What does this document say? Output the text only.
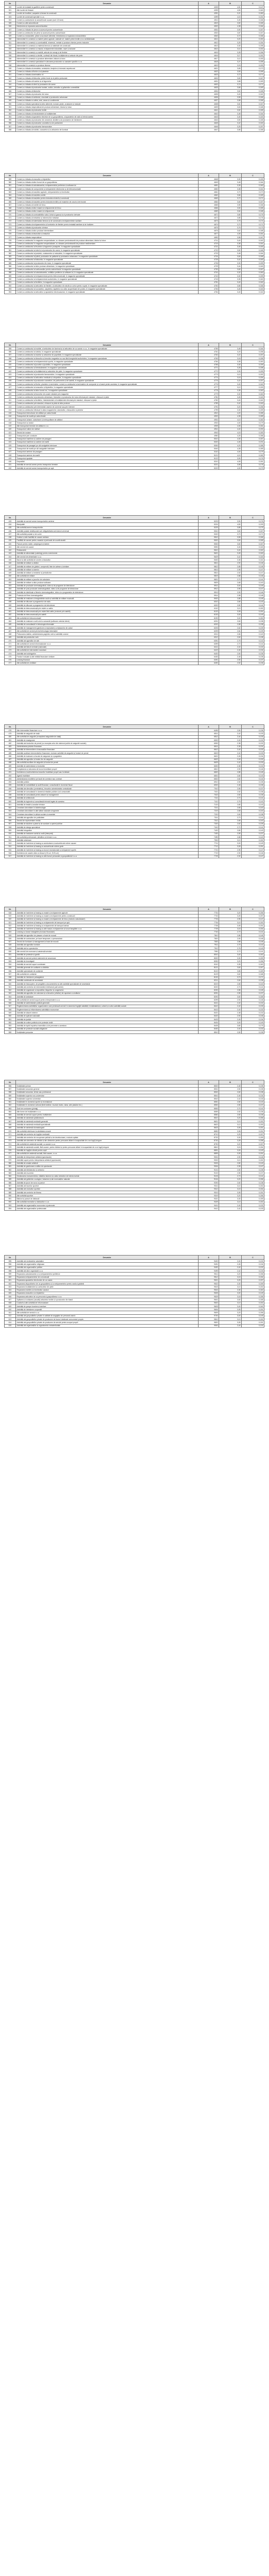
Nr.	Denumire	A	B	C
320	Lucrări de instalații și gazifiere pentru construcții	4325	4,51	0,147
321	Alte lucrări de finisare	4339	4,50	0,160
322	Lucrări de învelitori, șarpante și terase la construcții	4391	3,21	0,180
323	Lucrări de construcții speciale n.c.a.	4399	4,15	0,151
324	Comerț cu autoturisme și autovehicule ușoare (sub 3,5 tone)	4511	3,45	0,166
325	Comerț cu alte autovehicule	4519	3,50	0,165
326	Întreținerea și repararea autovehiculelor	4520	4,38	0,164
327	Comerț cu ridicata de piese și accesorii pentru autovehicule	4531	3,90	0,167
328	Comerț cu amănuntul de piese și accesorii pentru autovehicule	4532	3,87	0,167
329	Comerț cu motociclete, piese și accesorii aferente; întreținerea și repararea motocicletelor	4540	3,72	0,166
330	Intermedieri în comerțul cu materii prime agricole, animale vii, materii prime textile și cu semifabricate	4611	3,20	0,150
331	Intermedieri în comerțul cu combustibili, minereuri, metale și produse chimice pentru industrie	4612	3,25	0,154
332	Intermedieri în comerțul cu material lemnos și materiale de construcții	4613	3,30	0,155
333	Intermedieri în comerțul cu mașini, echipamente industriale, nave și avioane	4614	3,14	0,152
334	Intermedieri în comerțul cu mobilă, articole de menaj și de fierărie	4615	3,28	0,156
335	Intermedieri în comerțul cu textile, confecții din blană, încălțăminte și articole din piele	4616	3,17	0,152
336	Intermedieri în comerțul cu produse alimentare, băuturi și tutun	4617	3,12	0,153
337	Intermedieri în comerțul specializat în vânzarea produselor cu caracter specific n.c.a.	4618	3,27	0,155
338	Intermedieri în comerțul cu produse diverse	4619	3,15	0,153
339	Comerț cu ridicata al cerealelor, semințelor, furajelor și tutunului neprelucrat	4621	3,65	0,170
340	Comerț cu ridicata al florilor și al plantelor	4622	3,50	0,165
341	Comerț cu ridicata al animalelor vii	4623	3,72	0,171
342	Comerț cu ridicata al blănurilor, pieilor brute și al pieilor prelucrate	4624	3,60	0,167
343	Comerț cu ridicata al fructelor și al legumelor	4631	3,68	0,169
344	Comerț cu ridicata al cărnii și produselor din carne	4632	3,74	0,171
345	Comerț cu ridicata al produselor lactate, ouălor, uleiurilor și grăsimilor comestibile	4633	3,66	0,169
346	Comerț cu ridicata al băuturilor	4634	3,62	0,168
347	Comerț cu ridicata al produselor din tutun	4635	3,40	0,162
348	Comerț cu ridicata al zahărului, ciocolatei și produselor zaharoase	4636	3,55	0,166
349	Comerț cu ridicata cu cafea, ceai, cacao și condimente	4637	3,58	0,166
350	Comerț cu ridicata specializat al altor alimente, inclusiv pește, crustacee și moluște	4638	3,61	0,167
351	Comerț cu ridicata nespecializat de produse alimentare, băuturi și tutun	4639	3,63	0,168
352	Comerț cu ridicata al produselor textile	4641	3,52	0,165
353	Comerț cu ridicata al îmbrăcămintei și încălțămintei	4642	3,48	0,164
354	Comerț cu ridicata al aparatelor electrice de uz gospodăresc, al aparatelor de radio și televizoarelor	4643	3,45	0,163
355	Comerț cu ridicata al produselor din ceramică, sticlărie și al produselor de întreținere	4644	3,50	0,165
356	Comerț cu ridicata al produselor cosmetice și de parfumerie	4645	3,42	0,163
357	Comerț cu ridicata al produselor farmaceutice	4646	3,25	0,157
358	Comerț cu ridicata al mobilei, covoarelor și a articolelor de iluminat	4647	3,56	0,166
Nr.	Denumire	A	B	C
359	Comerț cu ridicata al ceasurilor și bijuteriilor	4648	3,30	0,159
360	Comerț cu ridicata al altor bunuri de uz gospodăresc	4649	3,48	0,164
361	Comerț cu ridicata al calculatoarelor, echipamentelor periferice și software-lui	4651	3,35	0,160
362	Comerț cu ridicata de componente și echipamente electronice și de telecomunicații	4652	3,38	0,161
363	Comerț cu ridicata al mașinilor agricole, echipamentelor și furniturilor	4661	3,70	0,170
364	Comerț cu ridicata al mașinilor-unelte	4662	3,66	0,169
365	Comerț cu ridicata al mașinilor pentru industria minieră și construcții	4663	3,72	0,171
366	Comerț cu ridicata al mașinilor pentru industria textilă și al mașinilor de cusut și de tricotat	4664	3,60	0,167
367	Comerț cu ridicata al mobilei de birou	4665	3,55	0,166
368	Comerț cu ridicata al altor mașini și echipamente de birou	4666	3,50	0,165
369	Comerț cu ridicata al altor mașini și echipamente	4669	3,64	0,168
370	Comerț cu ridicata al combustibililor solizi, lichizi și gazoși și al produselor derivate	4671	3,80	0,175
371	Comerț cu ridicata al metalelor și minereurilor metalice	4672	3,85	0,176
372	Comerț cu ridicata al materialului lemnos și de construcții și echipamentelor sanitare	4673	3,78	0,174
373	Comerț cu ridicata al echipamentelor și furniturilor de fierărie pentru instalații sanitare și de încălzire	4674	3,70	0,171
374	Comerț cu ridicata al produselor chimice	4675	3,76	0,173
375	Comerț cu ridicata al altor produse intermediare	4676	3,62	0,168
376	Comerț cu ridicata al deșeurilor și resturilor	4677	4,05	0,181
377	Comerț cu ridicata nespecializat	4690	3,58	0,167
378	Comerț cu amănuntul în magazine nespecializate, cu vânzare predominantă de produse alimentare, băuturi și tutun	4711	3,40	0,162
379	Comerț cu amănuntul în magazine nespecializate, cu vânzare predominantă de produse nealimentare	4719	3,38	0,161
380	Comerț cu amănuntul al fructelor și legumelor proaspete, în magazine specializate	4721	3,45	0,163
381	Comerț cu amănuntul al cărnii și al produselor din carne, în magazine specializate	4722	3,52	0,165
382	Comerț cu amănuntul al peștelui, crustaceelor și moluștelor, în magazine specializate	4723	3,48	0,164
383	Comerț cu amănuntul al pâinii, produselor de patiserie și produselor zaharoase, în magazine specializate	4724	3,50	0,165
384	Comerț cu amănuntul al băuturilor, în magazine specializate	4725	3,42	0,163
385	Comerț cu amănuntul al produselor din tutun, în magazine specializate	4726	3,30	0,159
386	Comerț cu amănuntul al altor produse alimentare, în magazine specializate	4729	3,44	0,163
387	Comerț cu amănuntul al carburanților pentru autovehicule în magazine specializate	4730	3,60	0,167
388	Comerț cu amănuntul al calculatoarelor, unităților periferice și software-lui, în magazine specializate	4741	3,32	0,160
389	Comerț cu amănuntul al echipamentului pentru telecomunicații, în magazine specializate	4742	3,30	0,159
390	Comerț cu amănuntul al echipamentului audio/video, în magazine specializate	4743	3,35	0,160
391	Comerț cu amănuntul al textilelor, în magazine specializate	4751	3,40	0,162
392	Comerț cu amănuntul al articolelor de fierărie, al articolelor din sticlă și a celor pentru vopsit, în magazine specializate	4752	3,55	0,166
393	Comerț cu amănuntul al covoarelor, carpetelor, tapetelor și a altor acoperitoare de podea, în magazine specializate	4753	3,45	0,163
394	Comerț cu amănuntul al articolelor și aparatelor electrocasnice, în magazine specializate	4754	3,40	0,162
Nr.	Denumire	A	B	C
395	Comerț cu amănuntul al mobilei, al articolelor de iluminat și al articolelor de uz casnic n.c.a., în magazine specializate	4759	3,48	0,164
396	Comerț cu amănuntul al cărților, în magazine specializate	4761	3,20	0,156
397	Comerț cu amănuntul al ziarelor și articolelor de papetărie, în magazine specializate	4762	3,22	0,157
398	Comerț cu amănuntul al discurilor și benzilor magnetice cu sau fără înregistrări audio/video, în magazine specializate	4763	3,18	0,155
399	Comerț cu amănuntul al echipamentului sportiv, în magazine specializate	4764	3,35	0,160
400	Comerț cu amănuntul al jocurilor și jucăriilor, în magazine specializate	4765	3,30	0,159
401	Comerț cu amănuntul al îmbrăcămintei, în magazine specializate	4771	3,28	0,158
402	Comerț cu amănuntul al încălțămintei și articolelor din piele, în magazine specializate	4772	3,30	0,159
403	Comerț cu amănuntul al produselor farmaceutice, în magazine specializate	4773	3,10	0,152
404	Comerț cu amănuntul al articolelor medicale și ortopedice, în magazine specializate	4774	3,15	0,154
405	Comerț cu amănuntul al produselor cosmetice, de parfumerie și de toaletă, în magazine specializate	4775	3,22	0,157
406	Comerț cu amănuntul al florilor, plantelor și semințelor; comerț cu amănuntul al animalelor de companie și a hranei pentru acestea, în magazine specializate	4776	3,40	0,162
407	Comerț cu amănuntul al ceasurilor și bijuteriilor, în magazine specializate	4777	3,12	0,153
408	Comerț cu amănuntul al altor bunuri noi, în magazine specializate	4778	3,35	0,160
409	Comerț cu amănuntul al bunurilor de ocazie vândute prin magazine	4779	3,32	0,160
410	Comerț cu amănuntul al produselor alimentare, băuturilor și produselor din tutun efectuat prin standuri, chioșcuri și piețe	4781	3,45	0,163
411	Comerț cu amănuntul al textilelor, îmbrăcămintei și încălțămintei efectuat prin standuri, chioșcuri și piețe	4782	3,40	0,162
412	Comerț cu amănuntul prin standuri, chioșcuri și piețe al altor produse	4789	3,42	0,163
413	Comerț cu amănuntul prin intermediul caselor de comenzi sau prin Internet	4791	3,20	0,156
414	Comerț cu amănuntul efectuat în afara magazinelor, standurilor, chioșcurilor și piețelor	4799	3,30	0,159
415	Transporturi interurbane de călători pe calea ferată	4910	4,20	0,185
416	Transporturi de marfă pe calea ferată	4920	4,35	0,189
417	Transporturi urbane, suburbane și metropolitane de călători	4931	4,10	0,182
418	Transporturi cu taxiuri	4932	4,00	0,179
419	Alte transporturi terestre de călători n.c.a.	4939	4,05	0,181
420	Transporturi rutiere de mărfuri	4941	4,40	0,190
421	Servicii de mutare	4942	4,15	0,183
422	Transporturi prin conducte	4950	4,25	0,186
423	Transporturi maritime și costiere de pasageri	5010	4,30	0,187
424	Transporturi maritime și costiere de marfă	5020	4,45	0,191
425	Transporturi de pasageri pe căi navigabile interioare	5030	4,20	0,185
426	Transporturi de marfă pe căi navigabile interioare	5040	4,35	0,189
427	Transporturi aeriene de pasageri	5110	4,00	0,179
428	Transporturi aeriene de marfă	5121	4,10	0,182
429	Transporturi spațiale	5122	3,90	0,176
430	Depozitări	5210	4,05	0,181
431	Activități de servicii anexe pentru transporturi terestre	5221	3,95	0,178
432	Activități de servicii anexe transporturilor pe apă	5222	4,00	0,179
Nr.	Denumire	A	B	C
433	Activități de servicii anexe transporturilor aeriene	5223	3,90	0,176
434	Manipulări	5224	4,50	0,193
435	Alte activități anexe transporturilor	5229	3,85	0,175
436	Activități poștale desfășurate sub obligativitatea serviciului universal	5310	3,60	0,167
437	Alte activități poștale și de curier	5320	3,70	0,171
438	Hoteluri și alte facilități de cazare similare	5510	3,55	0,166
439	Facilități de cazare pentru vacanțe și perioade de scurtă durată	5520	3,50	0,165
440	Parcuri pentru rulote, campinguri și tabere	5530	3,60	0,167
441	Alte servicii de cazare	5590	3,45	0,163
442	Restaurante	5610	3,40	0,162
443	Activități de alimentație (catering) pentru evenimente	5621	3,45	0,163
444	Alte servicii de alimentație n.c.a.	5629	3,42	0,163
445	Baruri și alte activități de servire a băuturilor	5630	3,38	0,161
446	Activități de editare a cărților	5811	2,90	0,146
447	Activități de editare de ghiduri, compendii, liste de adrese și similare	5812	2,85	0,145
448	Activități de editare a ziarelor	5813	2,95	0,147
449	Activități de editare a revistelor și periodicelor	5814	2,92	0,147
450	Alte activități de editare	5819	2,88	0,146
451	Activități de editare a jocurilor de calculator	5821	2,70	0,141
452	Activități de editare a altor produse software	5829	2,65	0,140
453	Activități de producție cinematografică, video și de programe de televiziune	5911	3,00	0,149
454	Activități de post-producție cinematografică, video și de programe de televiziune	5912	2,95	0,147
455	Activități de distribuție a filmelor cinematografice, video și a programelor de televiziune	5913	2,90	0,146
456	Proiecția de filme cinematografice	5914	2,98	0,148
457	Activități de realizare a înregistrărilor audio și activități de editare muzicală	5920	2,85	0,145
458	Activități de difuzare a programelor de radio	6010	2,80	0,143
459	Activități de difuzare a programelor de televiziune	6020	2,82	0,144
460	Activități de telecomunicații prin rețele cu cablu	6110	3,10	0,152
461	Activități de telecomunicații prin rețele fără cablu (exclusiv prin satelit)	6120	3,05	0,151
462	Activități de telecomunicații prin satelit	6130	3,00	0,149
463	Alte activități de telecomunicații	6190	3,02	0,150
464	Activități de realizare a soft-ului la comandă (software orientat client)	6201	2,60	0,138
465	Activități de consultanță în tehnologia informației	6202	2,58	0,138
466	Activități de management (gestiune și exploatare) a mijloacelor de calcul	6203	2,62	0,139
467	Alte activități de servicii privind tehnologia informației	6209	2,64	0,139
468	Prelucrarea datelor, administrarea paginilor web și activități conexe	6311	2,66	0,140
469	Activități ale portalurilor web	6312	2,60	0,138
470	Activități ale agențiilor de știri	6391	2,75	0,142
471	Alte activități de servicii informaționale n.c.a.	6399	2,70	0,141
472	Activități ale băncii centrale (naționale)	6411	2,40	0,132
473	Alte activități de intermedieri monetare	6419	2,45	0,134
474	Activități ale holdingurilor	6420	2,50	0,135
475	Fonduri mutuale și alte entități financiare similare	6430	2,48	0,135
476	Leasing financiar	6491	2,55	0,137
477	Alte activități de creditare	6492	2,52	0,136
Nr.	Denumire	A	B	C
478	Alte intermedieri financiare n.c.a.	6499	2,50	0,135
479	Activități de asigurări de viață	6511	2,42	0,133
480	Alte activități de asigurări (exceptând asigurările de viață)	6512	2,44	0,133
481	Activități de reasigurare	6520	2,40	0,132
482	Activități ale fondurilor de pensii (cu excepția celor din sistemul public de asigurări sociale)	6530	2,38	0,132
483	Administrarea piețelor financiare	6611	2,35	0,131
484	Activități de intermediere a tranzacțiilor financiare	6612	2,40	0,132
485	Activități auxiliare intermedierilor financiare, exclusiv activități de asigurări și fonduri de pensii	6619	2,42	0,133
486	Activități de evaluare a riscului de asigurare și a pagubelor	6621	2,45	0,134
487	Activități ale agenților și broker-ilor de asigurări	6622	2,40	0,132
488	Alte activități auxiliare de asigurări și fonduri de pensii	6629	2,42	0,133
489	Activități de administrare a fondurilor	6630	2,38	0,132
490	Cumpărarea și vânzarea de bunuri imobiliare proprii	6810	2,90	0,146
491	Închirierea și subînchirierea bunurilor imobiliare proprii sau închiriate	6820	2,85	0,145
492	Agenții imobiliare	6831	2,80	0,143
493	Administrarea imobilelor pe bază de comision sau contract	6832	2,82	0,144
494	Activități juridice	6910	2,50	0,135
495	Activități de contabilitate și audit financiar; consultanță în domeniul fiscal	6920	2,48	0,135
496	Activități ale direcțiilor (centralelor), birourilor administrative centralizate	7010	2,55	0,137
497	Activități de consultanță în domeniul relațiilor publice și al comunicării	7021	2,52	0,136
498	Activități de consultanță pentru afaceri și management	7022	2,50	0,135
499	Activități de arhitectură	7111	2,70	0,141
500	Activități de inginerie și consultanță tehnică legate de acestea	7112	2,75	0,142
501	Activități de testări și analize tehnice	7120	2,80	0,143
502	Cercetare-dezvoltare în biotehnologie	7211	2,65	0,140
503	Cercetare-dezvoltare în alte științe naturale și inginerie	7219	2,68	0,140
504	Cercetare-dezvoltare în științe sociale și umaniste	7220	2,60	0,138
505	Activități ale agențiilor de publicitate	7311	2,70	0,141
506	Servicii de reprezentare media	7312	2,65	0,140
507	Activități de studiere a pieței și de sondare a opiniei publice	7320	2,62	0,139
508	Activități de design specializat	7410	2,72	0,141
509	Activități fotografice	7420	2,80	0,143
510	Activități de traducere scrisă și orală (interpreți)	7430	2,55	0,137
511	Alte activități profesionale, științifice și tehnice n.c.a.	7490	2,68	0,140
512	Activități veterinare	7500	3,10	0,152
513	Activități de închiriere și leasing cu autoturisme și autovehicule rutiere ușoare	7711	3,00	0,149
514	Activități de închiriere și leasing cu autovehicule rutiere grele	7712	3,05	0,151
515	Activități de închiriere și leasing cu bunuri recreaționale și echipament sportiv	7721	2,95	0,147
516	Închirierea de casete video și discuri (CD-uri, DVD-uri)	7722	2,90	0,146
517	Activități de închiriere și leasing cu alte bunuri personale și gospodărești n.c.a.	7729	2,92	0,147
Nr.	Denumire	A	B	C
518	Activități de închiriere și leasing cu mașini și echipamente agricole	7731	3,20	0,156
519	Activități de închiriere și leasing cu mașini și echipamente pentru construcții	7732	3,25	0,157
520	Activități de închiriere și leasing cu mașini și echipamente de birou (inclusiv calculatoare)	7733	2,95	0,147
521	Activități de închiriere și leasing cu echipamente de transport pe apă	7734	3,10	0,152
522	Activități de închiriere și leasing cu echipamente de transport aerian	7735	3,05	0,151
523	Activități de închiriere și leasing cu alte mașini, echipamente și bunuri tangibile n.c.a.	7739	3,15	0,154
524	Leasing cu bunuri intangibile (exclusiv financiare)	7740	2,70	0,141
525	Activități ale agențiilor de plasare a forței de muncă	7810	2,85	0,145
526	Activități de contractare, pe baze temporare, a personalului	7820	2,90	0,146
527	Servicii de furnizare și management a forței de muncă	7830	2,88	0,146
528	Activități ale agențiilor turistice	7911	2,75	0,142
529	Activități ale tur-operatorilor	7912	2,78	0,143
530	Alte servicii de rezervare și asistență turistică	7990	2,72	0,141
531	Activități de protecție și gardă	8010	3,40	0,162
532	Activități de servicii privind sistemele de securizare	8020	3,30	0,159
533	Activități de investigații	8030	3,20	0,156
534	Activități de servicii suport combinate	8110	3,35	0,160
535	Activități generale de curățenie a clădirilor	8121	3,60	0,167
536	Activități specializate de curățenie	8122	3,65	0,169
537	Alte activități de curățenie	8129	3,62	0,168
538	Activități de întreținere peisagistică	8130	3,70	0,171
539	Activități combinate de secretariat	8211	2,60	0,138
540	Activități de fotocopiere, de pregătire a documentelor și alte activități specializate de secretariat	8219	2,65	0,140
541	Activități ale centrelor de intermediere telefonică (call center)	8220	2,70	0,141
542	Activități de organizare a expozițiilor, târgurilor și congreselor	8230	2,85	0,145
543	Activități ale agențiilor de colectare și a birourilor (oficiilor) de raportare a creditului	8291	2,55	0,137
544	Activități de ambalare	8292	3,50	0,165
545	Alte activități de servicii suport pentru întreprinderi n.c.a.	8299	2,90	0,146
546	Activități de administrație publică generală	8411	2,40	0,132
547	Reglementarea activităților organismelor care prestează servicii în domeniul îngrijirii sănătății, învățământului, culturii și a altor activități sociale	8412	2,42	0,133
548	Reglementarea și eficientizarea activităților economice	8413	2,40	0,132
549	Activități de afaceri externe	8421	2,38	0,132
550	Activități de apărare națională	8422	2,90	0,146
551	Activități de justiție	8423	2,45	0,134
552	Activități de ordine publică și de protecție civilă	8424	3,00	0,149
553	Activități de luptă împotriva incendiilor și de prevenire a acestora	8425	3,80	0,175
554	Activități de protecție socială obligatorie	8430	2,40	0,132
555	Învățământ preșcolar	8510	2,50	0,135
Nr.	Denumire	A	B	C
556	Învățământ primar	8520	2,48	0,135
557	Învățământ secundar general	8531	2,50	0,135
558	Învățământ secundar, tehnic sau profesional	8532	2,60	0,138
559	Învățământ superior non-universitar	8541	2,45	0,134
560	Învățământ superior universitar	8542	2,42	0,133
561	Învățământ în domeniul sportiv și recreațional	8551	2,80	0,143
562	Învățământ în domeniul cultural (limbi străine, muzică, teatru, dans, arte plastice etc.)	8552	2,55	0,137
563	Școli de conducere (pilotaj)	8553	2,70	0,141
564	Alte forme de învățământ n.c.a.	8559	2,52	0,136
565	Activități de servicii suport pentru învățământ	8560	2,50	0,135
566	Activități de asistență spitalicească	8610	3,20	0,156
567	Activități de asistență medicală generală	8621	3,10	0,152
568	Activități de asistență medicală specializată	8622	3,12	0,153
569	Activități de asistență stomatologică	8623	3,05	0,151
570	Alte activități referitoare la sănătatea umană	8690	3,08	0,151
571	Activități ale centrelor de îngrijire medicală	8710	3,25	0,157
572	Activități ale centrelor de recuperare psihică și de dezintoxicare, exclusiv spitale	8720	3,30	0,159
573	Activități ale căminelor de bătrâni și ale căminelor pentru persoane aflate în incapacitate de a se îngriji singure	8730	3,28	0,158
574	Alte activități de asistență socială, cu cazare n.c.a.	8790	3,22	0,157
575	Activități de asistență socială, fără cazare, pentru bătrâni și pentru persoane aflate în incapacitate de a se îngriji singure	8810	3,15	0,154
576	Activități de îngrijire zilnică pentru copii	8891	3,00	0,149
577	Alte activități de asistență socială, fără cazare, n.c.a.	8899	3,05	0,151
578	Activități de interpretare artistică (spectacole)	9001	2,90	0,146
579	Activități suport pentru interpretarea artistică (spectacole)	9002	3,10	0,152
580	Activități de creație artistică	9003	2,80	0,143
581	Activități de gestionare a sălilor de spectacole	9004	2,95	0,147
582	Activități ale bibliotecilor și arhivelor	9101	2,50	0,135
583	Activități ale muzeelor	9102	2,55	0,137
584	Gestionarea monumentelor, clădirilor istorice și a altor obiective de interes turistic	9103	2,70	0,141
585	Activități ale grădinilor zoologice, botanice și ale rezervațiilor naturale	9104	3,20	0,156
586	Activități de jocuri de noroc și pariuri	9200	2,60	0,138
587	Activități ale bazelor sportive	9311	3,10	0,152
588	Activități ale cluburilor sportive	9312	3,15	0,154
589	Activități ale centrelor de fitness	9313	3,05	0,151
590	Alte activități sportive	9319	3,20	0,156
591	Bâlciuri și parcuri de distracții	9321	3,30	0,159
592	Alte activități recreative și distractive n.c.a.	9329	3,10	0,152
593	Activități ale organizațiilor economice și patronale	9411	2,40	0,132
594	Activități ale organizațiilor profesionale	9412	2,42	0,133
Nr.	Denumire	A	B	C
595	Activități ale sindicatelor salariaților	9420	2,40	0,132
596	Activități ale organizațiilor religioase	9491	2,45	0,134
597	Activități ale organizațiilor politice	9492	2,40	0,132
598	Activități ale altor organizații n.c.a.	9499	2,42	0,133
599	Repararea calculatoarelor și a echipamentelor periferice	9511	3,20	0,156
600	Repararea echipamentelor de comunicații	9512	3,15	0,154
601	Repararea aparatelor electronice de uz casnic	9521	3,25	0,157
602	Repararea dispozitivelor de uz gospodăresc și a echipamentelor pentru casă și grădină	9522	3,30	0,159
603	Repararea încălțămintei și a articolelor din piele	9523	3,10	0,152
604	Repararea mobilei și a furniturilor casnice	9524	3,35	0,160
605	Repararea ceasurilor și a bijuteriilor	9525	3,00	0,149
606	Repararea articolelor de uz personal și gospodăresc n.c.a.	9529	3,18	0,155
607	Spălarea și curățarea (uscată) articolelor textile și a produselor din blană	9601	3,50	0,165
608	Coafură și alte activități de înfrumusețare	9602	3,10	0,152
609	Activități de pompe funebre și similare	9603	3,40	0,162
610	Activități de întreținere corporală	9604	3,05	0,151
611	Alte activități de servicii n.c.a.	9609	3,20	0,156
612	Activități ale gospodăriilor private în calitate de angajator de personal casnic	9700	3,00	0,149
613	Activități ale gospodăriilor private de producere de bunuri destinate consumului propriu	9810	3,10	0,152
614	Activități ale gospodăriilor private de producere de servicii pentru scopuri proprii	9820	3,05	0,151
615	Activități ale organizațiilor și organismelor extrateritoriale	9900	2,40	0,132
